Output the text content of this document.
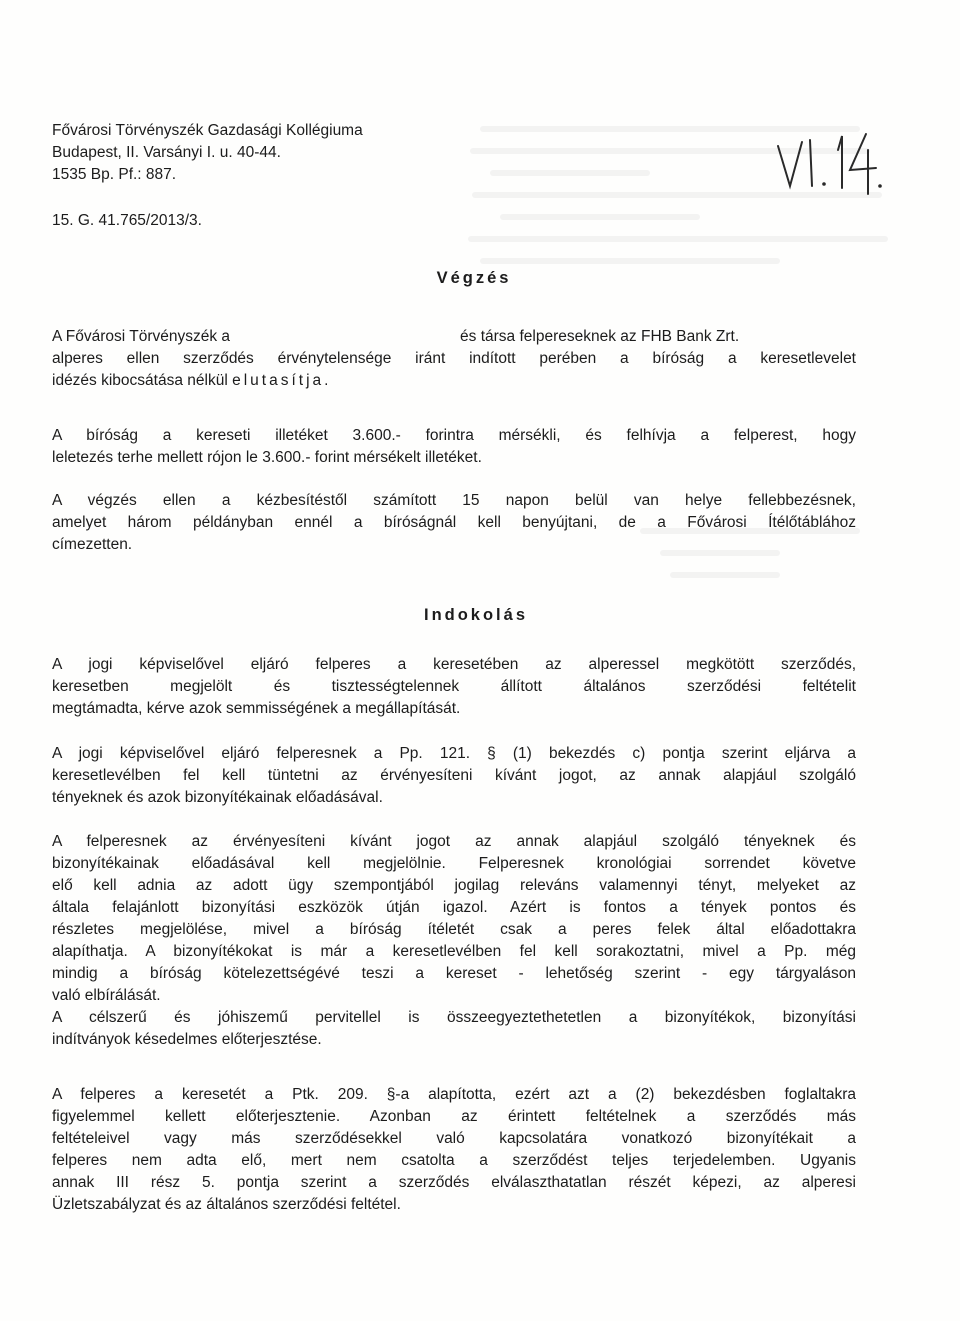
Fővárosi Törvényszék Gazdasági Kollégiuma
Budapest, II. Varsányi I. u. 40-44.
1535 Bp. Pf.: 887.
15. G. 41.765/2013/3.
Végzés
A Fővárosi Törvényszék a	és társa felpereseknek az FHB Bank Zrt.
alperes ellen szerződés érvénytelensége iránt indított perében a bíróság a keresetlevelet
idézés kibocsátása nélkül elutasítja.
A bíróság a kereseti illetéket 3.600.- forintra mérsékli, és felhívja a felperest, hogy
leletezés terhe mellett rójon le 3.600.- forint mérsékelt illetéket.
A végzés ellen a kézbesítéstől számított 15 napon belül van helye fellebbezésnek,
amelyet három példányban ennél a bíróságnál kell benyújtani, de a Fővárosi Ítélőtáblához
címezetten.
Indokolás
A jogi képviselővel eljáró felperes a keresetében az alperessel megkötött szerződés,
keresetben megjelölt és tisztességtelennek állított általános szerződési feltételit
megtámadta, kérve azok semmisségének a megállapítását.
A jogi képviselővel eljáró felperesnek a Pp. 121. § (1) bekezdés c) pontja szerint eljárva a
keresetlevélben fel kell tüntetni az érvényesíteni kívánt jogot, az annak alapjául szolgáló
tényeknek és azok bizonyítékainak előadásával.
A felperesnek az érvényesíteni kívánt jogot az annak alapjául szolgáló tényeknek és
bizonyítékainak előadásával kell megjelölnie. Felperesnek kronológiai sorrendet követve
elő kell adnia az adott ügy szempontjából jogilag releváns valamennyi tényt, melyeket az
általa felajánlott bizonyítási eszközök útján igazol. Azért is fontos a tények pontos és
részletes megjelölése, mivel a bíróság ítéletét csak a peres felek által előadottakra
alapíthatja. A bizonyítékokat is már a keresetlevélben fel kell sorakoztatni, mivel a Pp. még
mindig a bíróság kötelezettségévé teszi a kereset - lehetőség szerint - egy tárgyaláson
való elbírálását.
A célszerű és jóhiszemű pervitellel is összeegyeztethetetlen a bizonyítékok, bizonyítási
indítványok késedelmes előterjesztése.
A felperes a keresetét a Ptk. 209. §-a alapította, ezért azt a (2) bekezdésben foglaltakra
figyelemmel kellett előterjesztenie. Azonban az érintett feltételnek a szerződés más
feltételeivel vagy más szerződésekkel való kapcsolatára vonatkozó bizonyítékait a
felperes nem adta elő, mert nem csatolta a szerződést teljes terjedelemben. Ugyanis
annak III rész 5. pontja szerint a szerződés elválaszthatatlan részét képezi, az alperesi
Üzletszabályzat és az általános szerződési feltétel.
